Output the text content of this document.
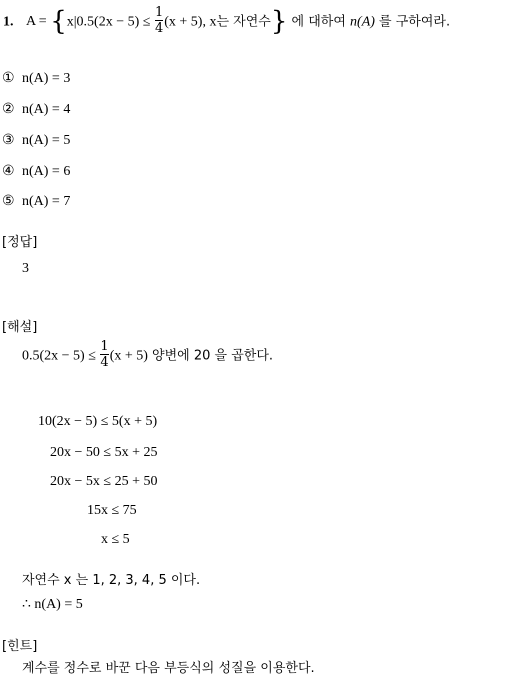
1. $A = \{x|0.5(2x - 5) \le \frac{1}{4} (x + 5)$, x는 자연수} 에 대하여 n(A) 를 구하여라.
① n(A) = 3
② n(A) = 4
③ n(A) = 5
④ n(A) = 6
⑤ n(A) = 7
[정답]
3
[해설]
$0.5(2x - 5) \le \frac{1}{4} (x + 5)$ 양변에 20 을 곱한다.
10(2x − 5) ≤ 5(x + 5)
20x − 50 ≤ 5x + 25
20x − 5x ≤ 25 + 50
15x ≤ 75
x ≤ 5
자연수 x 는 1, 2, 3, 4, 5 이다.
∴ n(A) = 5
[힌트]
계수를 정수로 바꾼 다음 부등식의 성질을 이용한다.
